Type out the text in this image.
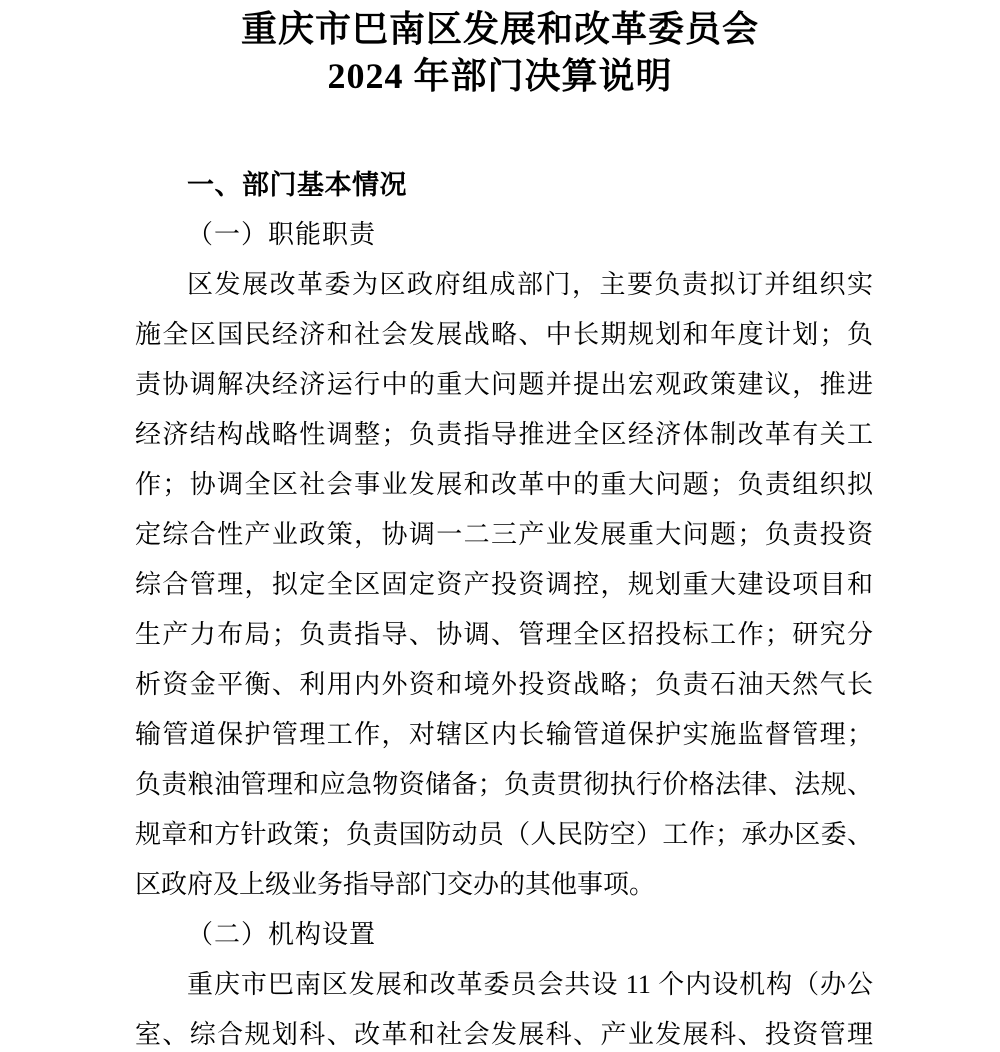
重庆市巴南区发展和改革委员会
2024 年部门决算说明
一、部门基本情况
（一）职能职责
区发展改革委为区政府组成部门，主要负责拟订并组织实
施全区国民经济和社会发展战略、中长期规划和年度计划；负
责协调解决经济运行中的重大问题并提出宏观政策建议，推进
经济结构战略性调整；负责指导推进全区经济体制改革有关工
作；协调全区社会事业发展和改革中的重大问题；负责组织拟
定综合性产业政策，协调一二三产业发展重大问题；负责投资
综合管理，拟定全区固定资产投资调控，规划重大建设项目和
生产力布局；负责指导、协调、管理全区招投标工作；研究分
析资金平衡、利用内外资和境外投资战略；负责石油天然气长
输管道保护管理工作，对辖区内长输管道保护实施监督管理；
负责粮油管理和应急物资储备；负责贯彻执行价格法律、法规、
规章和方针政策；负责国防动员（人民防空）工作；承办区委、
区政府及上级业务指导部门交办的其他事项。
（二）机构设置
重庆市巴南区发展和改革委员会共设 11 个内设机构（办公
室、综合规划科、改革和社会发展科、产业发展科、投资管理
